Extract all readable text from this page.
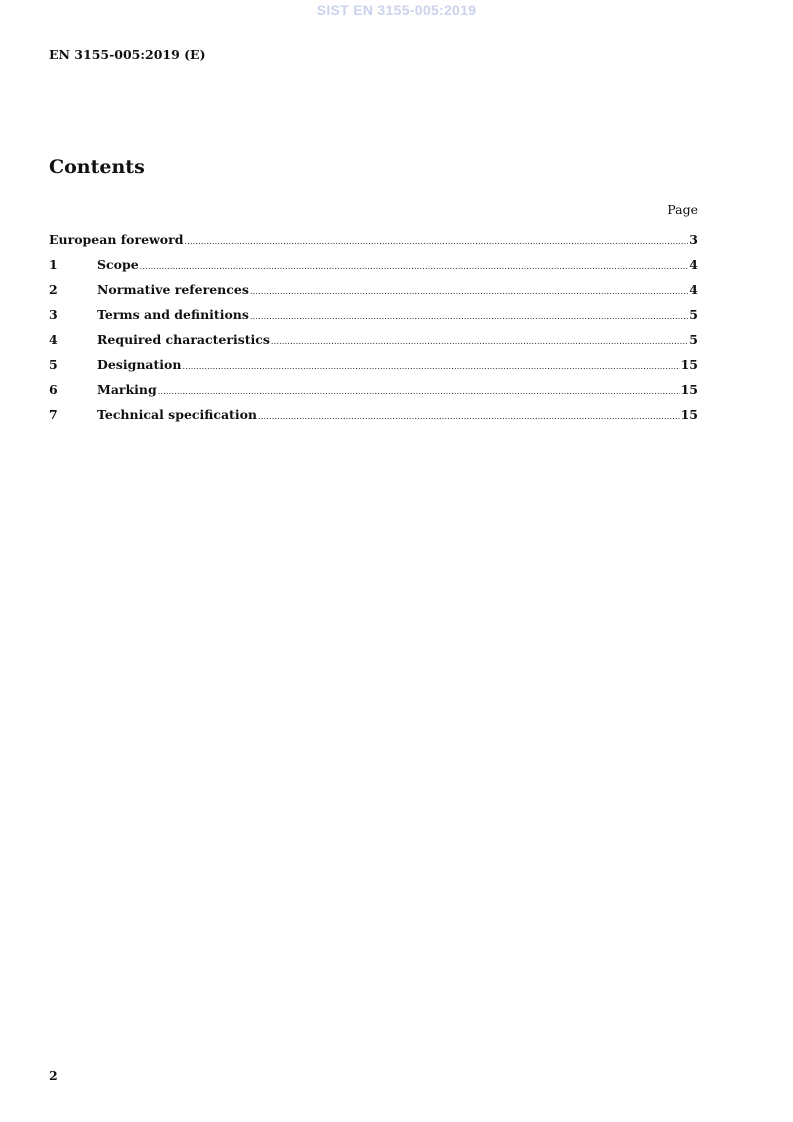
SIST EN 3155-005:2019
EN 3155-005:2019 (E)
Contents
Page
European foreword .....	3
1	Scope .....	4
2	Normative references .....	4
3	Terms and definitions .....	5
4	Required characteristics .....	5
5	Designation .....	15
6	Marking .....	15
7	Technical specification .....	15
2
